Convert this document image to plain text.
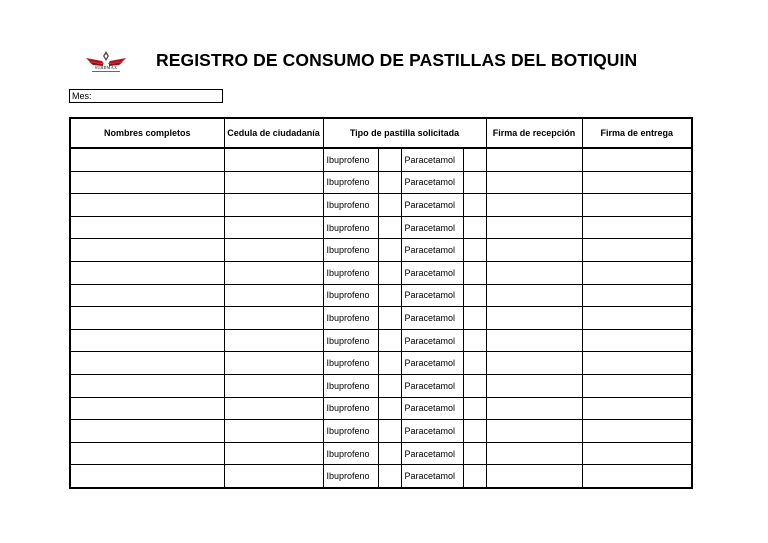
SURDMAX	REGISTRO DE CONSUMO DE PASTILLAS DEL BOTIQUIN
Mes:
Nombres completos	Cedula de ciudadanía	Tipo de pastilla solicitada				Firma de recepción	Firma de entrega
		Ibuprofeno		Paracetamol			
		Ibuprofeno		Paracetamol			
		Ibuprofeno		Paracetamol			
		Ibuprofeno		Paracetamol			
		Ibuprofeno		Paracetamol			
		Ibuprofeno		Paracetamol			
		Ibuprofeno		Paracetamol			
		Ibuprofeno		Paracetamol			
		Ibuprofeno		Paracetamol			
		Ibuprofeno		Paracetamol			
		Ibuprofeno		Paracetamol			
		Ibuprofeno		Paracetamol			
		Ibuprofeno		Paracetamol			
		Ibuprofeno		Paracetamol			
		Ibuprofeno		Paracetamol			
